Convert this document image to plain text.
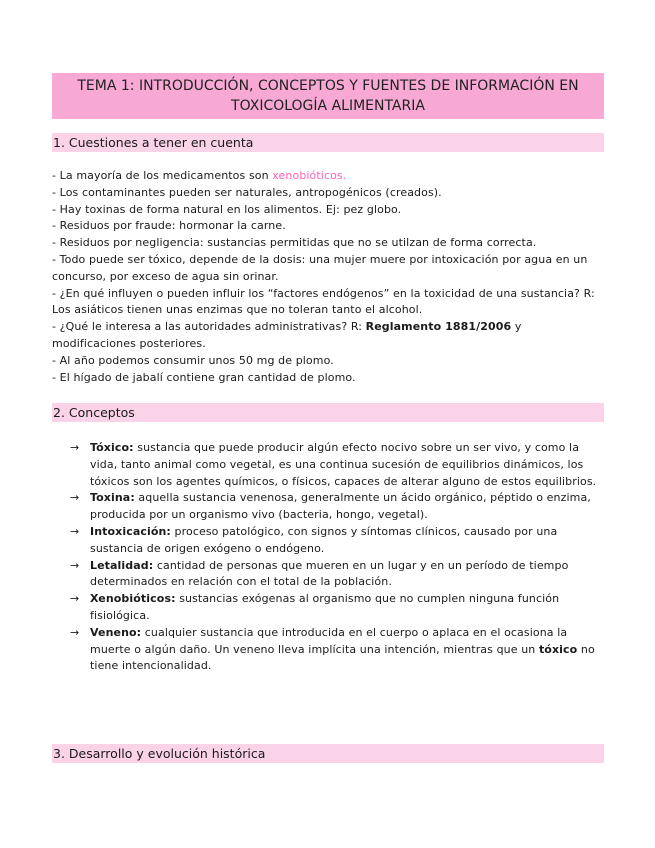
TEMA 1: INTRODUCCIÓN, CONCEPTOS Y FUENTES DE INFORMACIÓN EN TOXICOLOGÍA ALIMENTARIA
1. Cuestiones a tener en cuenta

- La mayoría de los medicamentos son xenobióticos.

- Los contaminantes pueden ser naturales, antropogénicos (creados).

- Hay toxinas de forma natural en los alimentos. Ej: pez globo.

- Residuos por fraude: hormonar la carne.

- Residuos por negligencia: sustancias permitidas que no se utilzan de forma correcta.

- Todo puede ser tóxico, depende de la dosis: una mujer muere por intoxicación por agua en un concurso, por exceso de agua sin orinar.

- ¿En qué influyen o pueden influir los “factores endógenos” en la toxicidad de una sustancia? R: Los asiáticos tienen unas enzimas que no toleran tanto el alcohol.

- ¿Qué le interesa a las autoridades administrativas? R: Reglamento 1881/2006 y modificaciones posteriores.

- Al año podemos consumir unos 50 mg de plomo.

- El hígado de jabalí contiene gran cantidad de plomo.

2. Conceptos
→ Tóxico: sustancia que puede producir algún efecto nocivo sobre un ser vivo, y como la vida, tanto animal como vegetal, es una continua sucesión de equilibrios dinámicos, los tóxicos son los agentes químicos, o físicos, capaces de alterar alguno de estos equilibrios.
→ Toxina: aquella sustancia venenosa, generalmente un ácido orgánico, péptido o enzima, producida por un organismo vivo (bacteria, hongo, vegetal).
→ Intoxicación: proceso patológico, con signos y síntomas clínicos, causado por una sustancia de origen exógeno o endógeno.
→ Letalidad: cantidad de personas que mueren en un lugar y en un período de tiempo determinados en relación con el total de la población.
→ Xenobióticos: sustancias exógenas al organismo que no cumplen ninguna función fisiológica.
→ Veneno: cualquier sustancia que introducida en el cuerpo o aplaca en el ocasiona la muerte o algún daño. Un veneno lleva implícita una intención, mientras que un tóxico no tiene intencionalidad.
3. Desarrollo y evolución histórica
